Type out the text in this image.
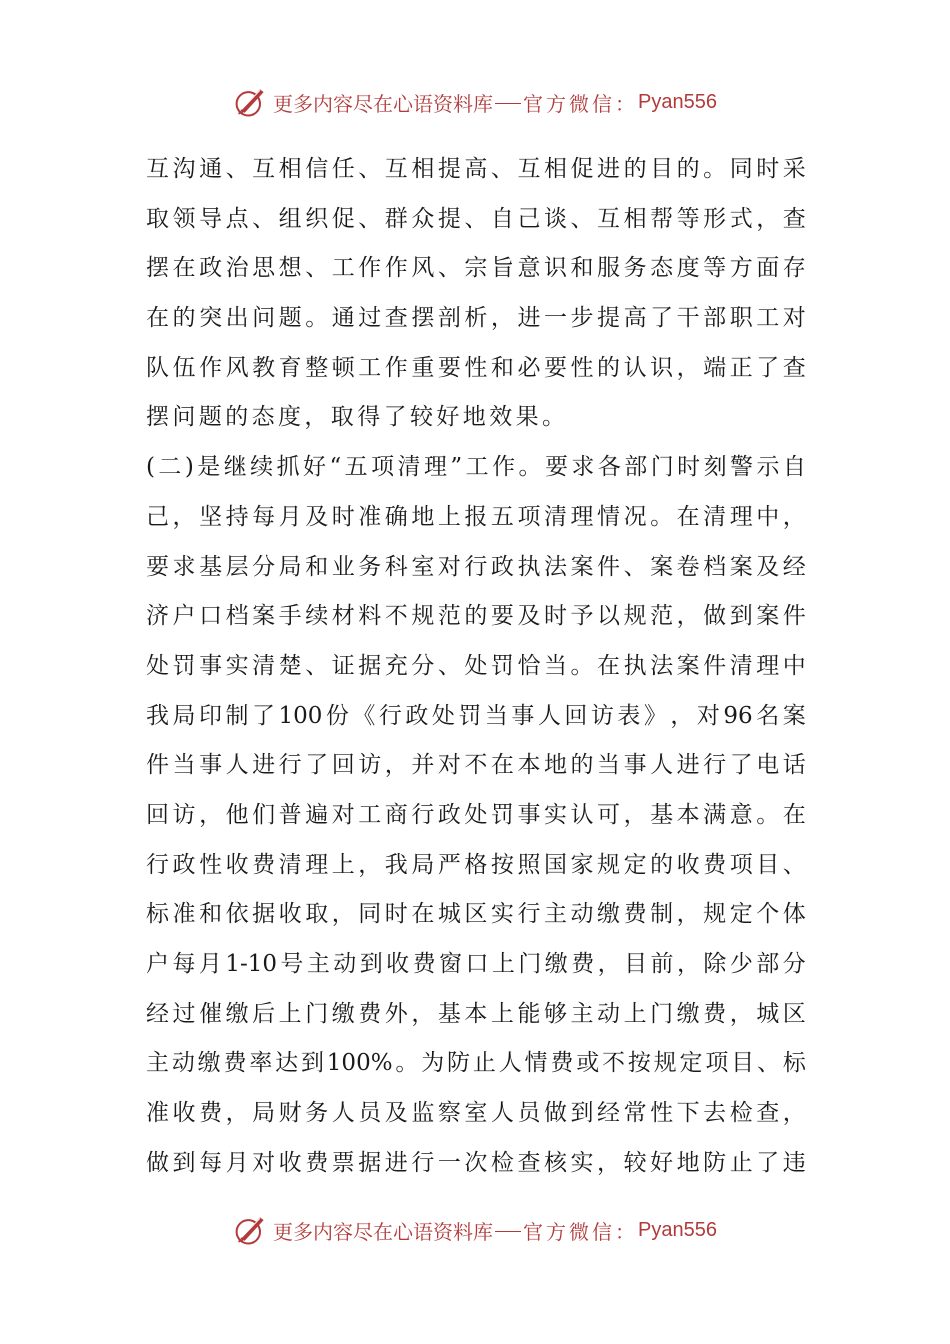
更多内容尽在心语资料库 官方微信： Pyan556
互 沟 通 、 互 相 信 任 、 互 相 提 高 、 互 相 促 进 的 目 的 。 同 时 采
取 领 导 点 、 组 织 促 、 群 众 提 、 自 己 谈 、 互 相 帮 等 形 式 ， 查
摆 在 政 治 思 想 、 工 作 作 风 、 宗 旨 意 识 和 服 务 态 度 等 方 面 存
在 的 突 出 问 题 。 通 过 查 摆 剖 析 ， 进 一 步 提 高 了 干 部 职 工 对
队 伍 作 风 教 育 整 顿 工 作 重 要 性 和 必 要 性 的 认 识 ， 端 正 了 查
摆问题的态度，取得了较好地效果。
( 二 ) 是 继 续 抓 好 “ 五 项 清 理 ” 工 作 。 要 求 各 部 门 时 刻 警 示 自
己 ， 坚 持 每 月 及 时 准 确 地 上 报 五 项 清 理 情 况 。 在 清 理 中 ，
要 求 基 层 分 局 和 业 务 科 室 对 行 政 执 法 案 件 、 案 卷 档 案 及 经
济 户 口 档 案 手 续 材 料 不 规 范 的 要 及 时 予 以 规 范 ， 做 到 案 件
处 罚 事 实 清 楚 、 证 据 充 分 、 处 罚 恰 当 。 在 执 法 案 件 清 理 中
我 局 印 制 了 100 份 《 行 政 处 罚 当 事 人 回 访 表 》 ， 对 96 名 案
件 当 事 人 进 行 了 回 访 ， 并 对 不 在 本 地 的 当 事 人 进 行 了 电 话
回 访 ， 他 们 普 遍 对 工 商 行 政 处 罚 事 实 认 可 ， 基 本 满 意 。 在
行 政 性 收 费 清 理 上 ， 我 局 严 格 按 照 国 家 规 定 的 收 费 项 目 、
标 准 和 依 据 收 取 ， 同 时 在 城 区 实 行 主 动 缴 费 制 ， 规 定 个 体
户 每 月 1-10 号 主 动 到 收 费 窗 口 上 门 缴 费 ， 目 前 ， 除 少 部 分
经 过 催 缴 后 上 门 缴 费 外 ， 基 本 上 能 够 主 动 上 门 缴 费 ， 城 区
主 动 缴 费 率 达 到 100% 。 为 防 止 人 情 费 或 不 按 规 定 项 目 、 标
准 收 费 ， 局 财 务 人 员 及 监 察 室 人 员 做 到 经 常 性 下 去 检 查 ，
做 到 每 月 对 收 费 票 据 进 行 一 次 检 查 核 实 ， 较 好 地 防 止 了 违
更多内容尽在心语资料库 官方微信： Pyan556
